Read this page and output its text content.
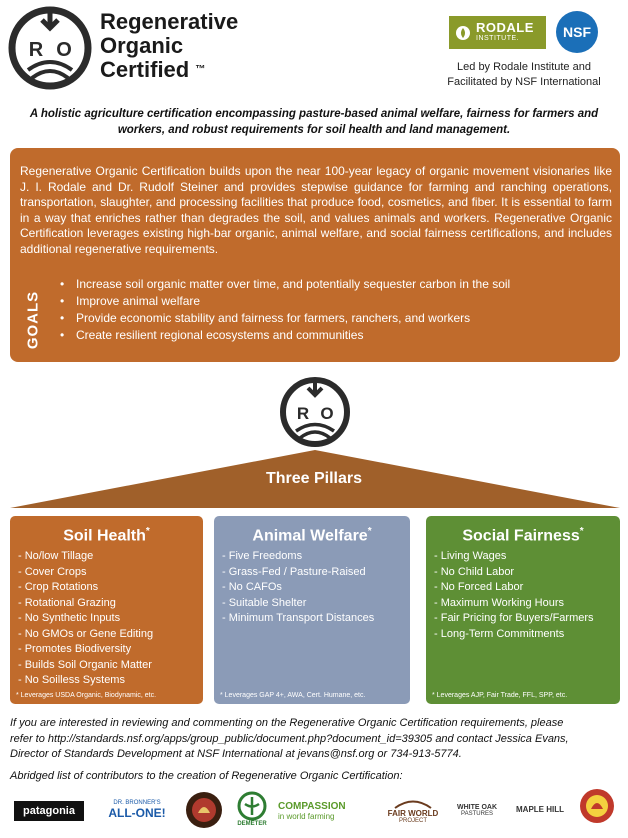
R O
Regenerative
Organic
Certified ™
RODALE
INSTITUTE.	NSF
Led by Rodale Institute and
Facilitated by NSF International
A holistic agriculture certification encompassing pasture-based animal welfare, fairness for farmers and workers, and robust requirements for soil health and land management.
Regenerative Organic Certification builds upon the near 100-year legacy of organic movement visionaries like J. I. Rodale and Dr. Rudolf Steiner and provides stepwise guidance for farming and ranching operations, transportation, slaughter, and processing facilities that produce food, cosmetics, and fiber. It is essential to farm in a way that enriches rather than degrades the soil, and values animals and workers. Regenerative Organic Certification leverages existing high-bar organic, animal welfare, and social fairness certifications, and includes additional regenerative requirements.
GOALS
• Increase soil organic matter over time, and potentially sequester carbon in the soil
• Improve animal welfare
• Provide economic stability and fairness for farmers, ranchers, and workers
• Create resilient regional ecosystems and communities
R O
Three Pillars
Soil Health*
- No/low Tillage
- Cover Crops
- Crop Rotations
- Rotational Grazing
- No Synthetic Inputs
- No GMOs or Gene Editing
- Promotes Biodiversity
- Builds Soil Organic Matter
- No Soilless Systems
* Leverages USDA Organic, Biodynamic, etc.
Animal Welfare*
- Five Freedoms
- Grass-Fed / Pasture-Raised
- No CAFOs
- Suitable Shelter
- Minimum Transport Distances
* Leverages GAP 4+, AWA, Cert. Humane, etc.
Social Fairness*
- Living Wages
- No Child Labor
- No Forced Labor
- Maximum Working Hours
- Fair Pricing for Buyers/Farmers
- Long-Term Commitments
* Leverages AJP, Fair Trade, FFL, SPP, etc.
If you are interested in reviewing and commenting on the Regenerative Organic Certification requirements, please
refer to http://standards.nsf.org/apps/group_public/document.php?document_id=39305 and contact Jessica Evans,
Director of Standards Development at NSF International at jevans@nsf.org or 734-913-5774.
Abridged list of contributors to the creation of Regenerative Organic Certification:
patagonia
DR. BRONNER'S
ALL-ONE!
DEMETER
COMPASSION
in world farming	FAIR WORLD
PROJECT
WHITE OAK
PASTURES	MAPLE HILL
